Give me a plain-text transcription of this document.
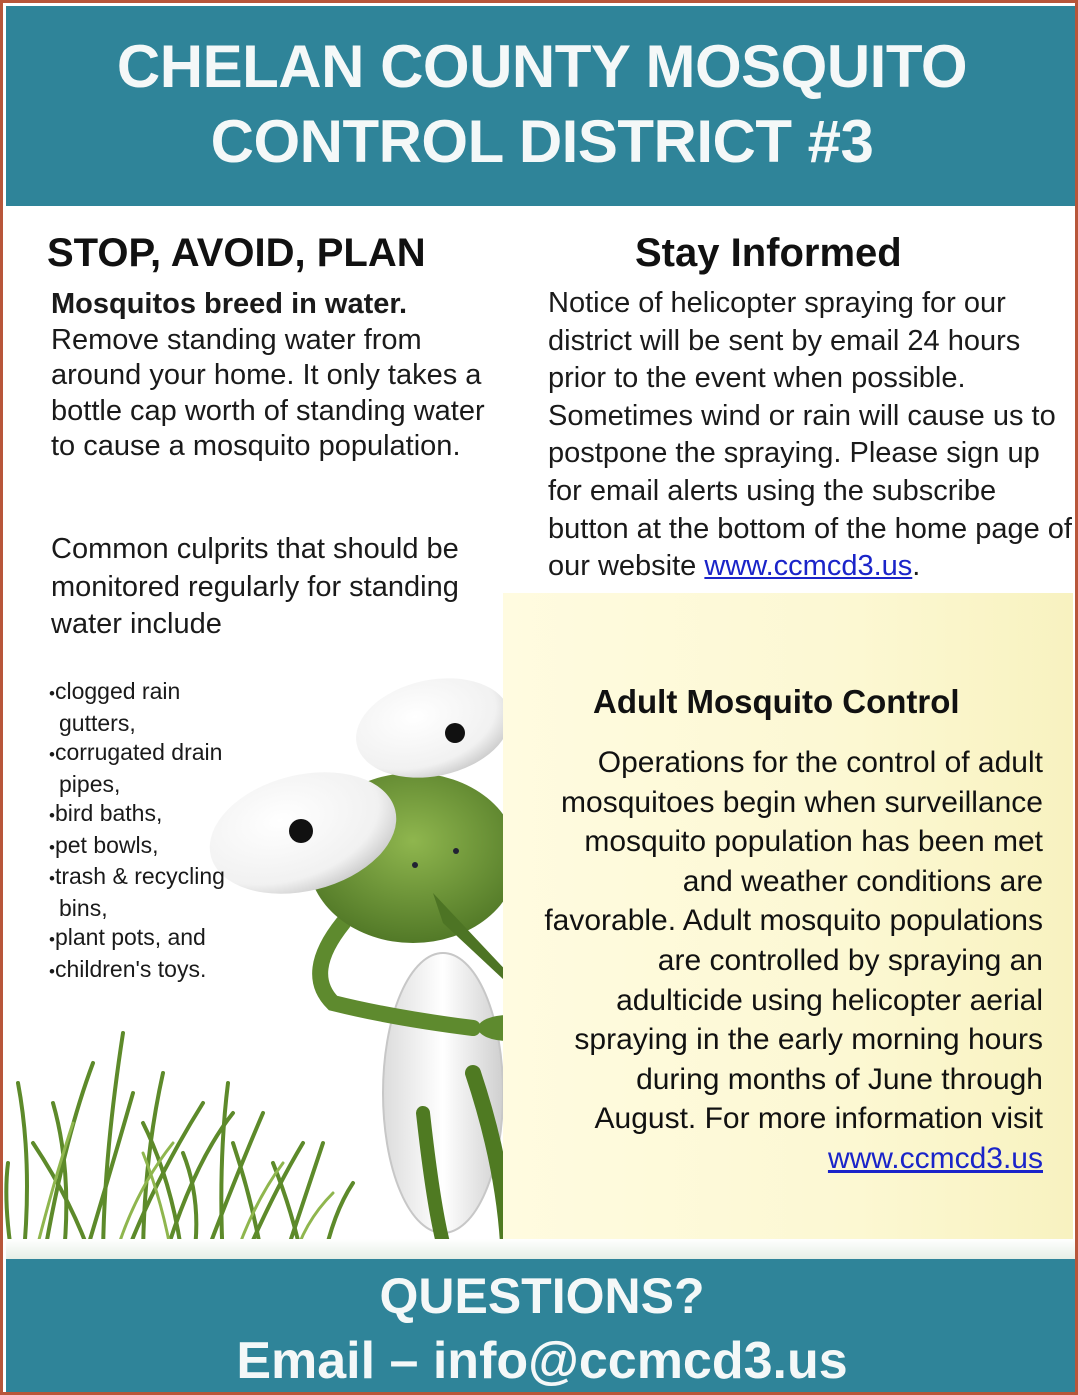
CHELAN COUNTY MOSQUITO
CONTROL DISTRICT #3
STOP, AVOID, PLAN

Mosquitos breed in water. Remove standing water from around your home. It only takes a bottle cap worth of standing water to cause a mosquito population.

Common culprits that should be monitored regularly for standing water include

• clogged rain gutters,
• corrugated drain pipes,
• bird baths,
• pet bowls,
• trash & recycling bins,
• plant pots, and
• children's toys.
Stay Informed

Notice of helicopter spraying for our district will be sent by email 24 hours prior to the event when possible. Sometimes wind or rain will cause us to postpone the spraying. Please sign up for email alerts using the subscribe button at the bottom of the home page of our website www.ccmcd3.us.

Adult Mosquito Control

Operations for the control of adult mosquitoes begin when surveillance mosquito population has been met and weather conditions are favorable. Adult mosquito populations are controlled by spraying an adulticide using helicopter aerial spraying in the early morning hours during months of June through August. For more information visit www.ccmcd3.us

QUESTIONS?
Email – info@ccmcd3.us
